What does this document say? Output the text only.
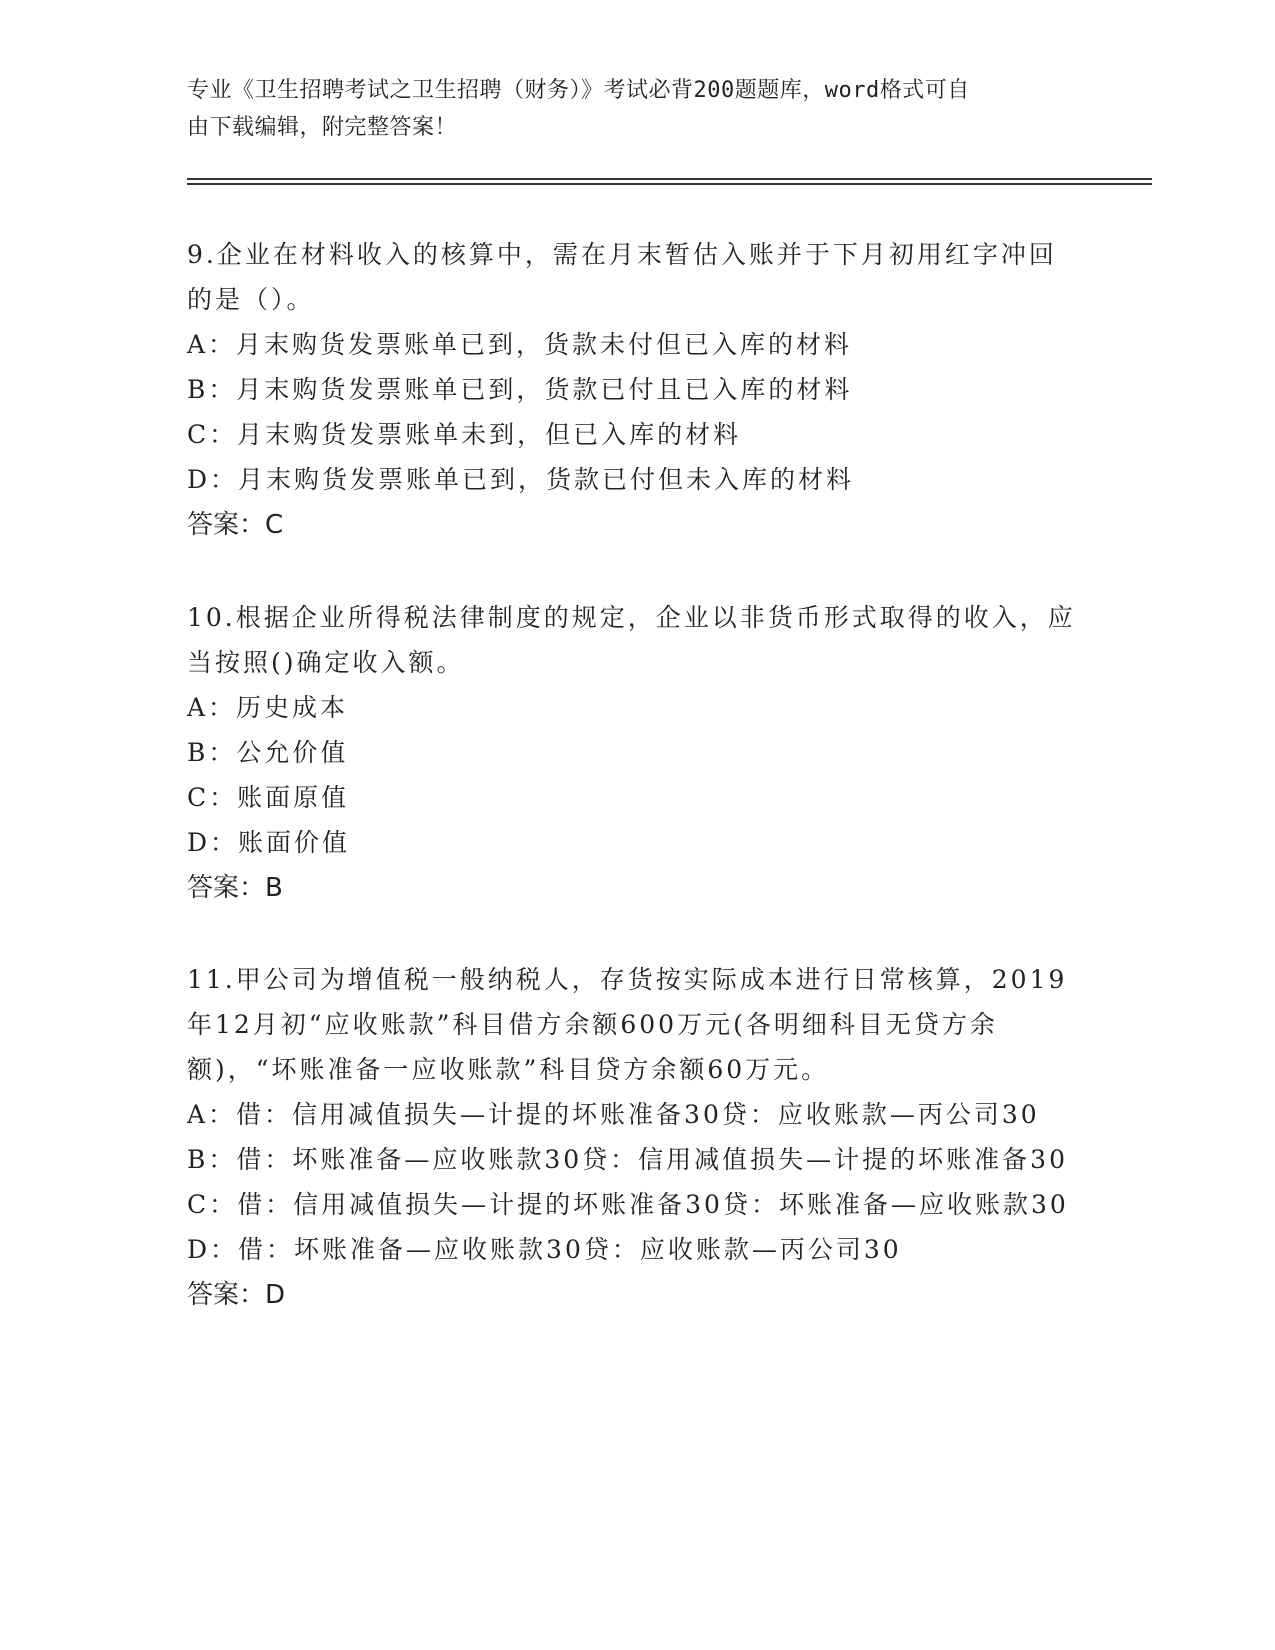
专业《卫生招聘考试之卫生招聘（财务）》考试必背200题题库，word格式可自
由下载编辑，附完整答案！
9.企业在材料收入的核算中，需在月末暂估入账并于下月初用红字冲回的是（）。
A：月末购货发票账单已到，货款未付但已入库的材料
B：月末购货发票账单已到，货款已付且已入库的材料
C：月末购货发票账单未到，但已入库的材料
D：月末购货发票账单已到，货款已付但未入库的材料
答案：C
10.根据企业所得税法律制度的规定，企业以非货币形式取得的收入，应当按照()确定收入额。
A：历史成本
B：公允价值
C：账面原值
D：账面价值
答案：B
11.甲公司为增值税一般纳税人，存货按实际成本进行日常核算，2019年12月初“应收账款”科目借方余额600万元(各明细科目无贷方余额)，“坏账准备一应收账款”科目贷方余额60万元。
A：借：信用减值损失—计提的坏账准备30贷：应收账款—丙公司30
B：借：坏账准备—应收账款30贷：信用减值损失—计提的坏账准备30
C：借：信用减值损失—计提的坏账准备30贷：坏账准备—应收账款30
D：借：坏账准备—应收账款30贷：应收账款—丙公司30
答案：D
